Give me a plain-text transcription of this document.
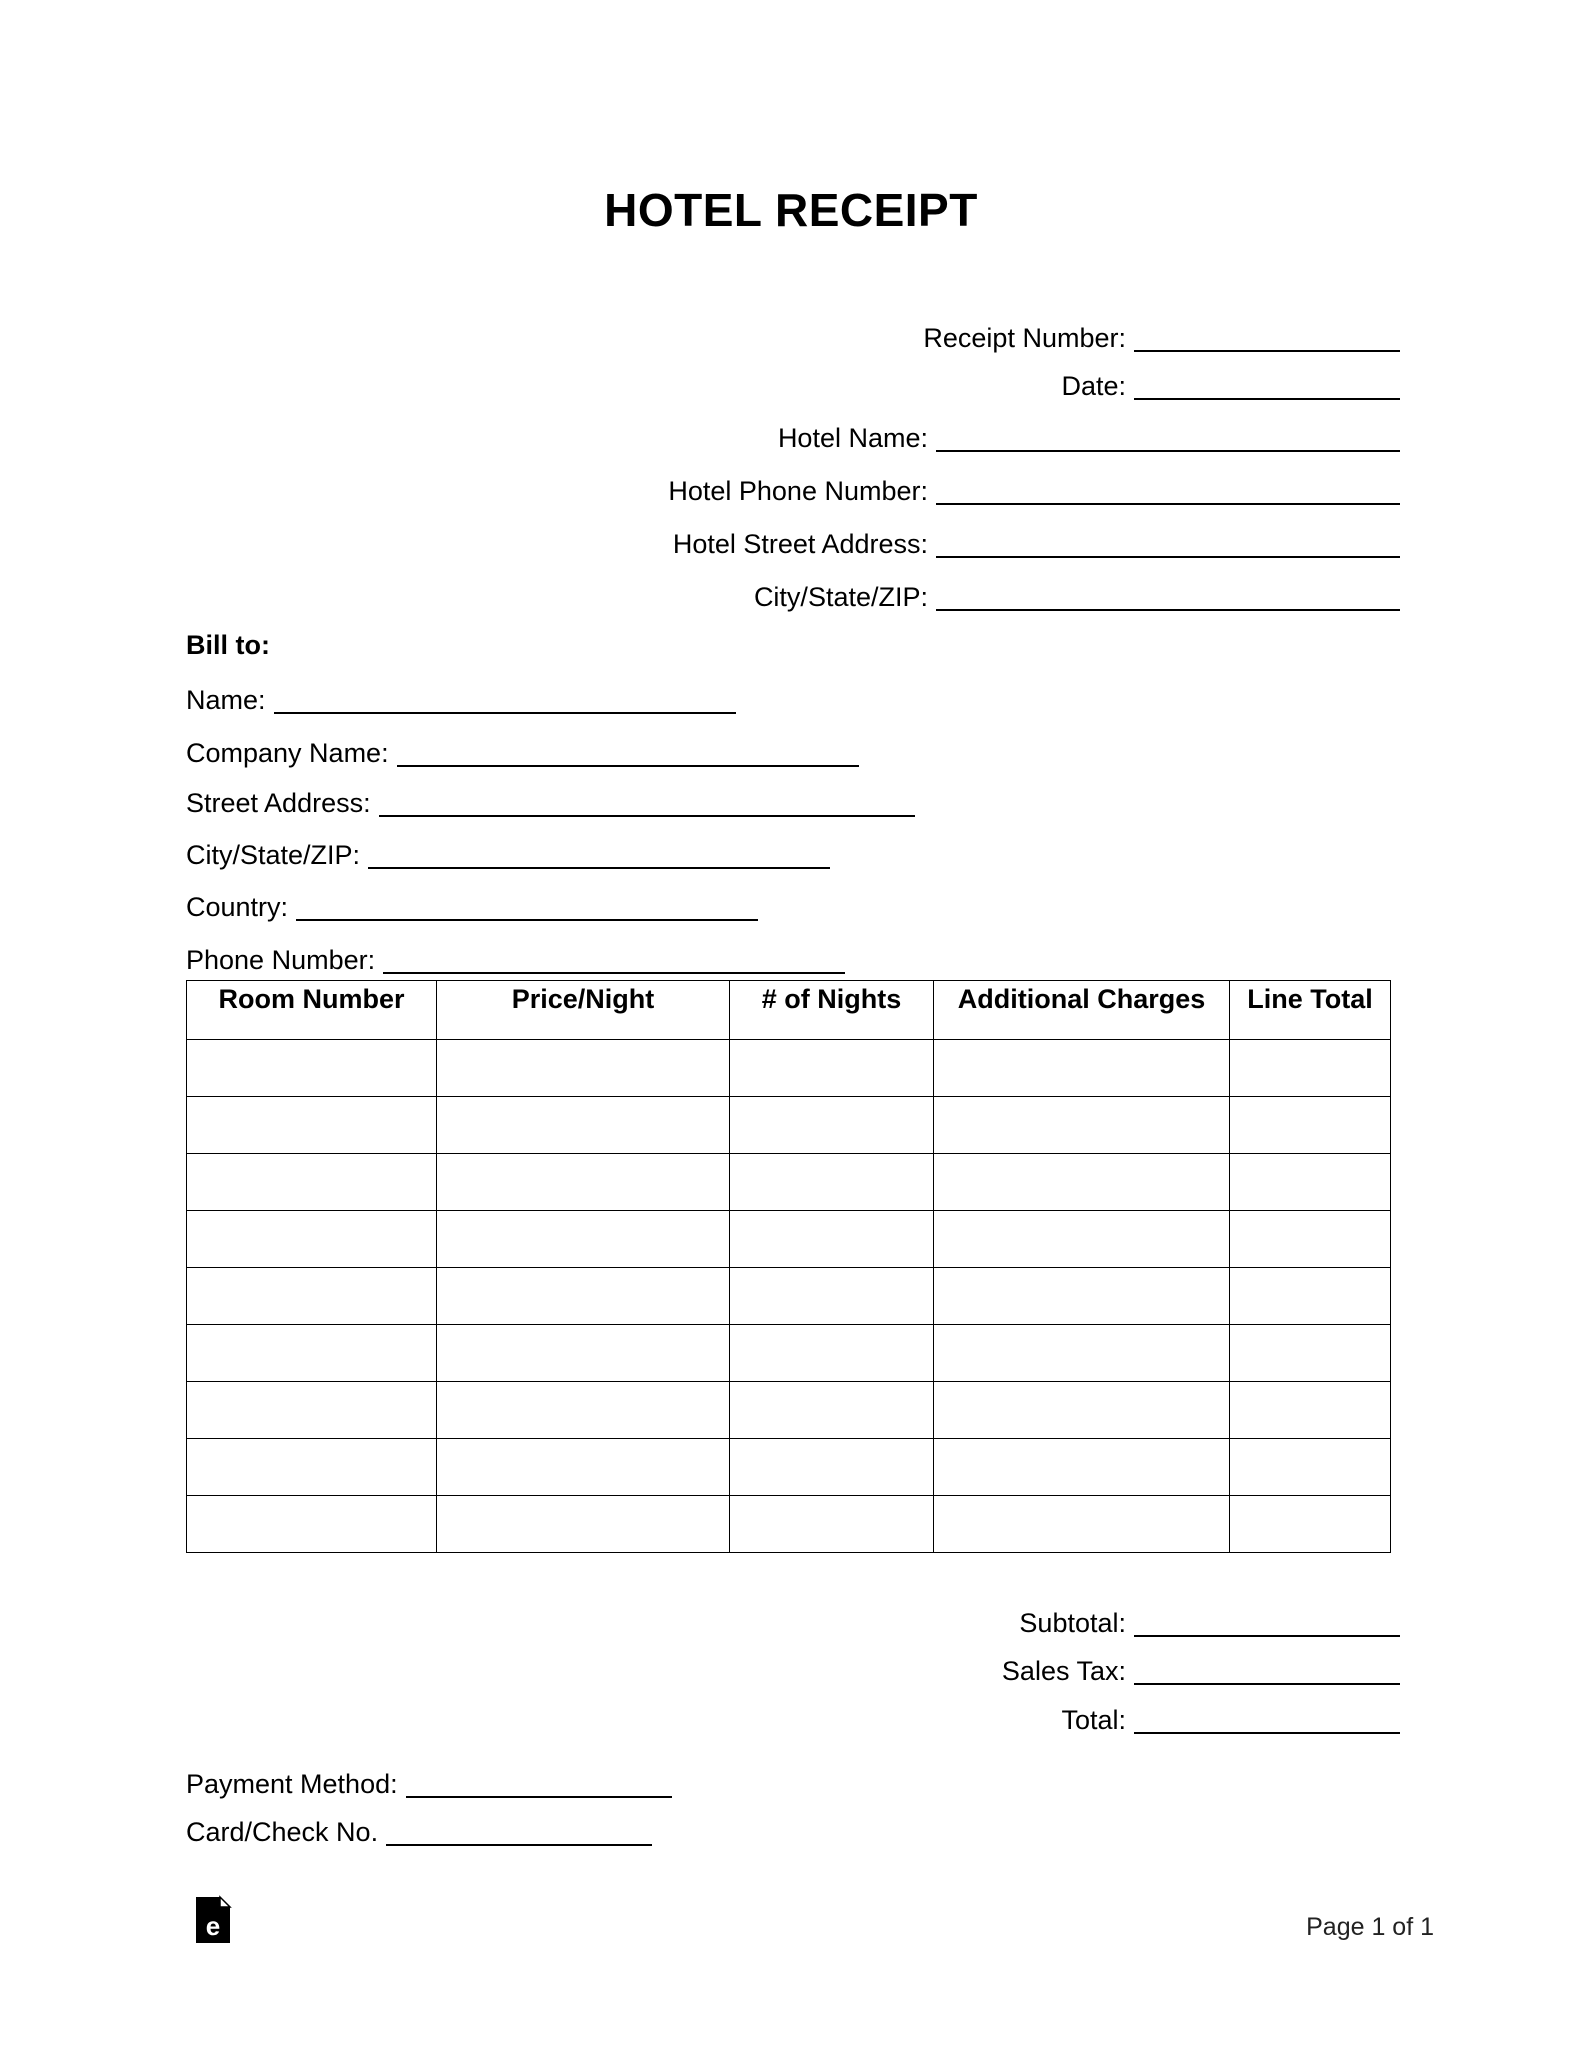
HOTEL RECEIPT
Receipt Number:
Date:
Hotel Name:
Hotel Phone Number:
Hotel Street Address:
City/State/ZIP:
Bill to:
Name:
Company Name:
Street Address:
City/State/ZIP:
Country:
Phone Number:
Room Number	Price/Night	# of Nights	Additional Charges	Line Total

Subtotal:
Sales Tax:
Total:
Payment Method:
Card/Check No.
e	Page 1 of 1
